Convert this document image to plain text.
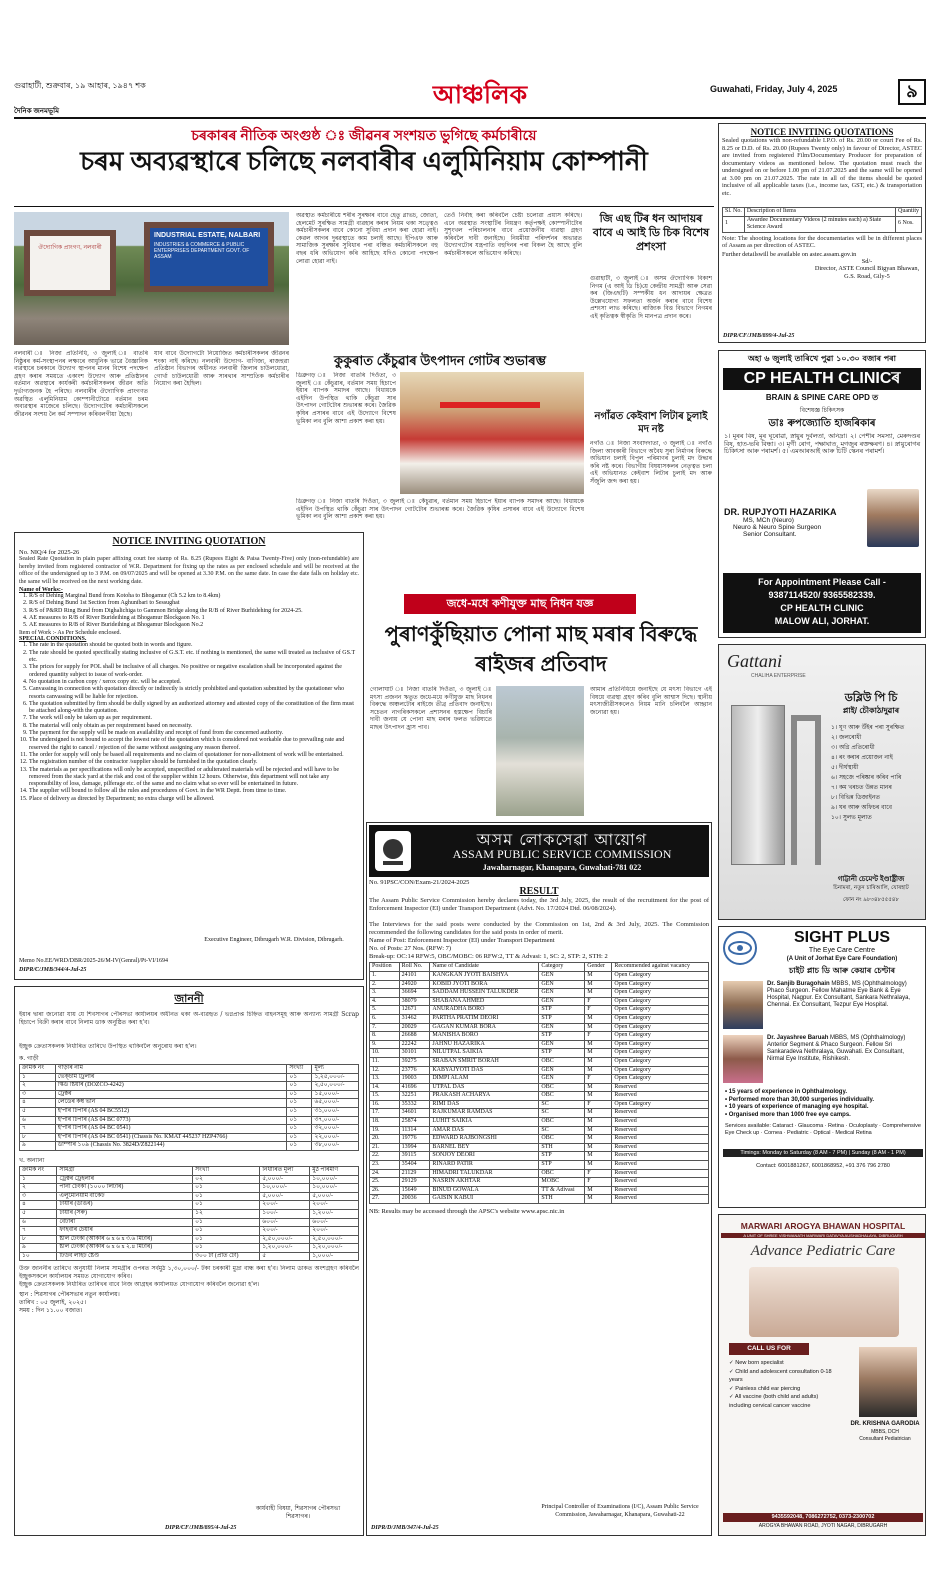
গুৱাহাটী, শুক্ৰবাৰ, ১৯ আহাৰ, ১৯৪৭ শক	আঞ্চলিক	Guwahati, Friday, July 4, 2025	৯
দৈনিক জনমভূমি
চৰকাৰৰ নীতিক অংগুষ্ঠ ঃ জীৱনৰ সংশয়ত ভুগিছে কৰ্মচাৰীয়ে
চৰম অব্যৱস্থাৰে চলিছে নলবাৰীৰ এলুমিনিয়াম কোম্পানী
ঔদ্যোগিক প্ৰাংগণ, নলবাৰী
INDUSTRIAL ESTATE, NALBARI
INDUSTRIES & COMMERCE & PUBLIC ENTERPRISES DEPARTMENT GOVT. OF ASSAM
নলবাৰী ঃ নিজা প্ৰতিনিধি, ৩ জুলাই ঃ বাতৰি নিষ্ঠুৰৰ কৰ্ম-সংস্থাপনৰ লক্ষ্যৰে আধুনিক ভাৱে বৈজ্ঞানিক ব্যৱস্থাৰে চৰকাৰে উদ্যোগ স্থাপনৰ মানৰ বিশেষ পদক্ষেপ গ্ৰহণ কৰাৰ সময়তে একাংশ উদ্যোগ আৰু প্ৰতিষ্ঠানৰ বৰ্তমান অৱস্থাৰে কাৰ্যকৰী কৰ্মচাৰীসকলৰ জীৱন অতি দুৰ্ভাগ্যজনক হৈ পৰিছে। নলবাৰীৰ ঔদ্যোগিক প্ৰাংগণত অৱস্থিত এলুমিনিয়াম কোম্পানীটোৱে বৰ্তমান চৰম অব্যৱস্থাৰ মাজেৰে চলিছে। উদ্যোগটোৰ কৰ্মচাৰীসকলে জীৱনৰ সংশয় লৈ কৰ্ম সম্পাদন কৰিবলগীয়া হৈছে।
যাব বাবে উদ্যোগটো নিয়োজিত কৰ্মচাৰীসকলৰ জীৱনৰ শংকা নাই কৰিছে। নলবাৰী উদ্যোগ- বাণিজ্য, ৰাজহুৱা প্ৰতিষ্ঠান বিভাগৰ অধীনত নলবাৰী জিলাৰ চাউলধোৱা, গোৰ্খা চাউলধোৱী আৰু সাৰথাৰ সাম্প্ৰতিক কৰ্মচাৰীৰ নিয়োগ কৰা হৈছিল।
অৱস্থাত কৰ্মচাৰীয়ে শৰীৰ সুৰক্ষাৰ বাবে হেতু গ্লাভচ, জোতা, হেলমেট সুৰক্ষিত সামগ্ৰী ব্যৱহাৰ কৰাৰ নিয়ম থকা সত্ত্বেও কৰ্মচাৰীসকলৰ বাবে কোনো সুবিধা প্ৰদান কৰা হোৱা নাই। কেৱল আগৰ দুৰৱস্থাতে কাম চলাই আছে। ইপিএফ আৰু সামাজিক সুৰক্ষাৰ সুবিধাৰ পৰা বঞ্চিত কৰ্মচাৰীসকলে বহু বছৰ ধৰি অভিযোগ কৰি আহিছে যদিও কোনো পদক্ষেপ লোৱা হোৱা নাই।
তেওঁ নিৰ্বাহ কৰা কৰিবলৈ চেষ্টা চলোৱা প্ৰয়াস কৰিছে। এনে অৱস্থাত সংস্থাটিৰ নিয়ন্ত্ৰণ কৰ্তৃপক্ষই কোম্পানীটোৰ সুশৃংখল পৰিচালনাৰ বাবে প্ৰয়োজনীয় ব্যৱস্থা গ্ৰহণ কৰিবলৈ দাবী জনাইছে। নিয়মীয়া পৰিদৰ্শনৰ অভাৱত উদ্যোগটোৰ যন্ত্ৰপাতি বহুদিনৰ পৰা বিকল হৈ আছে বুলি কৰ্মচাৰীসকলে অভিযোগ কৰিছে।
জি এছ টিৰ ধন আদায়ৰ বাবে এ আই ডি চিক বিশেষ প্ৰশংসা
গুৱাহাটী, ৩ জুলাই ঃ অসম ঔদ্যোগিক বিকাশ নিগম (এ আই ডি চি)য়ে কেন্দ্ৰীয় সামগ্ৰী আৰু সেৱা কৰ (জিএছটি) সম্পৰ্কীয় ধন আদায়ৰ ক্ষেত্ৰত উল্লেখযোগ্য সফলতা অৰ্জন কৰাৰ বাবে বিশেষ প্ৰশংসা লাভ কৰিছে। ৰাজ্যিক বিত্ত বিভাগে নিগমৰ এই কৃতিত্বক স্বীকৃতি দি মানপত্ৰ প্ৰদান কৰে।
কুকুৰাত কেঁচুৱাৰ উৎপাদন গোটৰ শুভাৰম্ভ
ডিব্ৰুগড় ঃ নিজা বাতৰি দিওঁতা, ৩ জুলাই ঃ কেঁচুৱাৰ, বৰ্তমান সময় হিচাপে ইয়াৰ ব্যাপক সমাদৰ আছে। বিধায়কে এইদিন উপস্থিত থাকি কেঁচুৱা সাৰ উৎপাদন গোটটোৰ শুভাৰম্ভ কৰে। জৈৱিক কৃষিৰ প্ৰসাৰৰ বাবে এই উদ্যোগে বিশেষ ভূমিকা লব বুলি আশা প্ৰকাশ কৰা হয়।
ডিব্ৰুগড় ঃ নিজা বাতৰি দিওঁতা, ৩ জুলাই ঃ কেঁচুৱাৰ, বৰ্তমান সময় হিচাপে ইয়াৰ ব্যাপক সমাদৰ আছে। বিধায়কে এইদিন উপস্থিত থাকি কেঁচুৱা সাৰ উৎপাদন গোটটোৰ শুভাৰম্ভ কৰে। জৈৱিক কৃষিৰ প্ৰসাৰৰ বাবে এই উদ্যোগে বিশেষ ভূমিকা লব বুলি আশা প্ৰকাশ কৰা হয়।
নগাঁৱত কেইবাশ লিটাৰ চুলাই মদ নষ্ট
নগাঁও ঃ নিজা সংবাদদাতা, ৩ জুলাই ঃ নগাঁও জিলা আবকাৰী বিভাগে অবৈধ সুৰা নিৰ্মাণৰ বিৰুদ্ধে অভিযান চলাই বিপুল পৰিমাণৰ চুলাই মদ উদ্ধাৰ কৰি নষ্ট কৰে। বিভাগীয় বিষয়াসকলৰ নেতৃত্বত চলা এই অভিযানত কেইবাশ লিটাৰ চুলাই মদ আৰু সঁজুলি জব্দ কৰা হয়।
NOTICE INVITING QUOTATION
No. NIQ/4 for 2025-26
Sealed Rate Quotation in plain paper affixing court fee stamp of Rs. 8.25 (Rupees Eight & Paisa Twenty-Five) only (non-refundable) are hereby invited from registered contractor of W.R. Department for fixing up the rates as per enclosed schedule and will be received at the office of the undersigned up to 3 P.M. on 09/07/2025 and will be opened at 3.30 P.M. on the same date. In case the date falls on holiday etc. the same will be received on the next working date.
Name of Works:-
1. R/S of Dehing Marginal Bund from Kotoha to Bhogamur (Ch 5.2 km to 8.4km)
2. R/S of Dehing Bund 1st Section from Aghunibari to Sessughat
3. R/S of P&RD Ring Bund from Dighalichiga to Gammon Bridge along the R/B of River Burhidehing for 2024-25.
4. AE measures to R/B of River Burideihing at Bhogamur Blockgaon No. 1
5. AE measures to R/B of River Burideihing at Bhogamur Blockgaon No.2
Item of Work :- As Per Schedule enclosed.
SPECIAL CONDITIONS.
1. The rate in the quotation should be quoted both in words and figure.
2. The rate should be quoted specifically stating inclusive of G.S.T. etc. if nothing is mentioned, the same will treated as inclusive of GS.T etc.
3. The prices for supply for POL shall be inclusive of all charges. No positive or negative escalation shall be incorporated against the ordered quantity subject to issue of work-order.
4. No quotation in carbon copy / xerox copy etc. will be accepted.
5. Canvassing in connection with quotation directly or indirectly is strictly prohibited and quotation submitted by the quotationer who resorts canvassing will be liable for rejection.
6. The quotation submitted by firm should be dully signed by an authorized attorney and attested copy of the constitution of the firm must be attached along-with the quotation.
7. The work will only be taken up as per requirement.
8. The material will only obtain as per requirement based on necessity.
9. The payment for the supply will be made on availability and receipt of fund from the concerned authority.
10. The undersigned is not bound to accept the lowest rate of the quotation which is considered not workable due to prevailing rate and reserved the right to cancel / rejection of the same without assigning any reason thereof.
11. The order for supply will only be based all requirements and no claim of quotationer for non-allotment of work will be entertained.
12. The registration number of the contractor /supplier should be furnished in the quotation clearly.
13. The materials as per specifications will only be accepted, unspecified or adulterated materials will be rejected and will have to be removed from the stack yard at the risk and cost of the supplier within 12 hours. Otherwise, this department will not take any responsibility of loss, damage, pilferage etc. of the same and no claim what so ever will be entertained in future.
14. The supplier will bound to follow all the rules and procedures of Govt. in the WR Deptt. from time to time.
15. Place of delivery as directed by Department; no extra charge will be allowed.
Executive Engineer, Dibrugarh W.R. Division, Dibrugarh.
Memo No.EE/WRD/DBR/2025-26/M-IV(Genral)/Pt-VI/1694
DIPR/C/JMB/344/4-Jul-25
জাননী
ইয়াৰ দ্বাৰা জনোৱা যায় যে শিবসাগৰ পৌৰসভা কাৰ্যালয়ৰ অধীনত থকা অ-ব্যৱহৃত / ভগ্নপ্ৰাপ্ত চিহ্নিত বাহনসমূহ আৰু অন্যান্য সামগ্ৰী Scrap হিচাপে বিক্ৰী কৰাৰ বাবে নিলাম ডাক অনুষ্ঠিত কৰা হ'ব।
ইচ্ছুক ক্ৰেতাসকলক নিৰ্ধাৰিত তাৰিখে উপস্থিত থাকিবলৈ অনুৰোধ কৰা হ'ল।
ক. গাড়ী
ক্ৰমিক নং	গাড়ীৰ নাম	সংখ্যা	মূল্য
১	ভেক্‌চাম ট্ৰিলাৰ	০১	১,২৫,০০০/-
২	স্কিড ষ্টিয়াৰ (DOZCO-4242)	০১	২,৫০,০০০/-
৩	ট্ৰেক্টৰ	০১	১৫,০০০/-
৪	লেডেৰ কম্ব ভান	০১	৬৫,০০০/-
৫	হ'পাৰ টিপাৰ (AS 04 BC5512)	০১	৩১,০০০/-
৬	হ'পাৰ টিপাৰ (AS 04 BC 0773)	০১	৩৭,০০০/-
৭	হ'পাৰ টিপাৰ (AS 04 BC 0541)	০১	৩২,০০০/-
৮	হ'পাৰ টিপাৰ (AS 04 BC 0541) (Chassis No. KMAT 445237 HZP4766)	০১	২২,০০০/-
৯	ডাম্পাৰ ১০৯ (Chassis No. 3824D/Z822144)	০১	৩৮,০০০/-
খ. অন্যান্য
ক্ৰমিক নং	সামগ্ৰী	সংখ্যা	নিৰ্ধাৰিত মূল্য	মুঠ পৰিমাণ
১	ট্ৰেক্টৰ ট্ৰেইলাৰ	০২	৫,০০০/-	১০,০০০/-
২	পানী টেংকী (১০০০ লিটাৰ)	০১	১০,০০০/-	১০,০০০/-
৩	এলুমেনিয়াম বাকেট	০১	৫,০০০/-	৫,০০০/-
৪	টায়াৰ (ডাঙৰ)	০১	২০০/-	২০০/-
৫	টায়াৰ (সৰু)	১২	১০০/-	১,২০০/-
৬	বেটাৰী	০১	৬০০/-	৬০০/-
৭	ফাইবাৰ চেয়াৰ	০১	২০০/-	২০০/-
৮	ষ্টীল টেংকী (আকাৰ ৬ x ৬ x ৩.৬ মিটাৰ)	০১	২,৫০,০০০/-	২,৫০,০০০/-
৯	ষ্টীল টেংকী (আকাৰ ৬ x ৬ x ২.৪ মিটাৰ)	০১	১,২০,০০০/-	১,২০,০০০/-
১০	টিউব লাইট ষ্টেণ্ড	৩০০ টা (প্ৰতি টো)	৫	১,০০০/-
উক্ত জাননীৰ তাৰিখে অনুযায়ী নিলাম সামগ্ৰীৰ ওপৰত সৰ্বমুঠ ১,৩০,০০০/- টকা চৰকাৰী মুদ্ৰা বান্ধ কৰা হ'ব। নিলাম ডাকত অংশগ্ৰহণ কৰিবলৈ ইচ্ছুকসকলে কাৰ্যালয়ৰ সময়ত যোগাযোগ কৰিব।
ইচ্ছুক ক্ৰেতাসকলক নিৰ্ধাৰিত তাৰিখৰ বাবে নিজ আগ্ৰহৰ কাৰ্যালয়ত যোগাযোগ কৰিবলৈ জনোৱা হ'ল।
স্থান : শিৱসাগৰ পৌৰসভাৰ নতুন কাৰ্যালয়।
তাৰিখ : ০৫ জুলাই, ২০২৫।
সময় : দিন ১১.০০ বজাত।
কাৰ্যবাহী বিষয়া, শিৱসাগৰ পৌৰসভা শিৱসাগৰ।
DIPR/CF/JMB/895/4-Jul-25
জধে-মধে কণীযুক্ত মাছ নিধন যজ্ঞ
পুৰাণকুঁছিয়াত পোনা মাছ মৰাৰ বিৰুদ্ধে ৰাইজৰ প্ৰতিবাদ
গোলাঘাট ঃ নিজা বাতৰি দিওঁতা, ৩ জুলাই ঃ মৎস্য প্ৰজনন ঋতুত জধে-মধে কণীযুক্ত মাছ নিধনৰ বিৰুদ্ধে অঞ্চলটোৰ ৰাইজে তীব্ৰ প্ৰতিবাদ জনাইছে। সচেতন নাগৰিকসকলে প্ৰশাসনৰ হস্তক্ষেপ বিচাৰি দাবী জনায় যে পোনা মাছ মৰাৰ ফলত ভৱিষ্যতে মাছৰ উৎপাদন হ্ৰাস পাব।
আমাৰ প্ৰতিনিধিয়ে জনাইছে যে মৎস্য বিভাগে এই বিষয়ে ব্যৱস্থা গ্ৰহণ কৰিব বুলি আশ্বাস দিছে। স্থানীয় মৎস্যজীৱীসকলেও নিয়ম মানি চলিবলৈ আহ্বান জনোৱা হয়।
অসম লোকসেৱা আয়োগ
ASSAM PUBLIC SERVICE COMMISSION
Jawaharnagar, Khanapara, Guwahati-781 022
No. 91PSC/CON/Exam-21/2024-2025
RESULT
The Assam Public Service Commission hereby declares today, the 3rd July, 2025, the result of the recruitment for the post of Enforcement Inspector (EI) under Transport Department (Advt. No. 17/2024 Dtd. 06/08/2024).
The Interviews for the said posts were conducted by the Commission on 1st, 2nd & 3rd July, 2025. The Commission recommended the following candidates for the said posts in order of merit.
Name of Post: Enforcement Inspector (EI) under Transport Department
No. of Posts: 27 Nos. (RFW: 7)
Break-up: OC:14 RFW:5, OBC/MOBC: 06 RFW:2, TT & Advasi: 1, SC: 2, STP: 2, STH: 2
Position	Roll No.	Name of Candidate	Category	Gender	Recommended against vacancy
1.	24101	KANGKAN JYOTI BAISHYA	GEN	M	Open Category
2.	24920	KOBID JYOTI BORA	GEN	M	Open Category
3.	36694	SADDAM HUSSEIN TALUKDER	GEN	M	Open Category
4.	38079	SHABANA AHMED	GEN	F	Open Category
5.	12671	ANURADHA BORO	STP	F	Open Category
6.	31462	PARTHA PRATIM DEORI	STP	M	Open Category
7.	20029	GAGAN KUMAR BORA	GEN	M	Open Category
8.	26688	MANISHA BORO	STP	F	Open Category
9.	22242	JAHNU HAZARIKA	GEN	M	Open Category
10.	30101	NILUTPAL SAIKIA	STP	M	Open Category
11.	39275	SRABAN SMRIT BORAH	OBC	M	Open Category
12.	23776	KABYAJYOTI DAS	GEN	M	Open Category
13.	19003	DIMPI ALAM	GEN	F	Open Category
14.	41696	UTPAL DAS	OBC	M	Reserved
15.	32251	PRAKASH ACHARYA	OBC	M	Reserved
16.	35332	RIMI DAS	SC	F	Open Category
17.	34601	RAJKUMAR RAMDAS	SC	M	Reserved
18.	25874	LUHIT SAIKIA	OBC	M	Reserved
19.	11314	AMAR DAS	SC	M	Reserved
20.	19776	EDWARD RAJBONGSHI	OBC	M	Reserved
21.	13994	BARNEL BEY	STH	M	Reserved
22.	39115	SONJOY DEORI	STP	M	Reserved
23.	35404	RINARD PATIR	STP	M	Reserved
24.	21129	HIMADRI TALUKDAR	OBC	F	Reserved
25.	29129	NASRIN AKHTAR	MOBC	F	Reserved
26.	15649	BINUD GOWALA	TT & Adivasi	M	Reserved
27.	20036	GAISIN KABUI	STH	M	Reserved
NB: Results may be accessed through the APSC's website www.apsc.nic.in
Principal Controller of Examinations (I/C), Assam Public Service Commission, Jawaharnagar, Khanapara, Guwahati-22
DIPR/D/JMB/347/4-Jul-25
NOTICE INVITING QUOTATIONS
Sealed quotations with non-refundable I.P.O. of Rs. 20.00 or court Fee of Rs. 8.25 or D.D. of Rs. 20.00 (Rupees Twenty only) in favour of Director, ASTEC are invited from registered Film/Documentary Producer for preparation of documentary videos as mentioned below. The quotation must reach the undersigned on or before 1.00 pm of 21.07.2025 and the same will be opened at 3.00 pm on 21.07.2025. The rate in all of the items should be quoted inclusive of all applicable taxes (i.e., income tax, GST, etc.) & transportation etc.
Sl. No.	Description of Items	Quantity
1	Awardee Documentary Videos (2 minutes each) a) State Science Award	6 Nos.
Note: The shooting locations for the documentaries will be in different places of Assam as per direction of ASTEC.
Further detailswill be available on astec.assam.gov.in
Sd/-
Director, ASTE Council Bigyan Bhawan, G.S. Road, Gily-5
DIPR/CF/JMB/899/4-Jul-25
অহা ৬ জুলাই তাৰিখে পুৱা ১০.৩০ বজাৰ পৰা
CP HEALTH CLINICৰ
BRAIN & SPINE CARE OPD ত
বিশেষজ্ঞ চিকিৎসক
ডাঃ ৰুপজ্যোতি হাজৰিকাৰ
১। মূৰৰ বিষ, মূৰ ঘূৰোৱা, স্নায়ুৰ দুৰ্বলতা, অনিদ্ৰা। ২। পেশীৰ সমস্যা, মেৰুদণ্ডৰ বিষ, হাত-ভৰি বিন্ধা। ৩। মৃগী ৰোগ, পক্ষাঘাত, মগজুৰ ৰক্তক্ষৰণ। ৪। স্নায়ুৰোগৰ চিকিৎসা আৰু পৰামৰ্শ। ৫। এমআৰআই আৰু চিটি স্কেনৰ পৰামৰ্শ।
DR. RUPJYOTI HAZARIKA
MS, MCh (Neuro)
Neuro & Neuro Spine Surgeon
Senior Consultant.
For Appointment Please Call -
9387114520/ 9365582339.
CP HEALTH CLINIC
MALOW ALI, JORHAT.
Gattani
CHALIHA ENTERPRISE
ডব্লিউ পি চি
প্লাই/ চৌকাঠ/দুৱাৰ
১। ঘূণ আৰু উঁইৰ পৰা সুৰক্ষিত
২। জলৰোধী
৩। অগ্নি প্ৰতিৰোধী
৪। ৰং কৰাৰ প্ৰয়োজন নাই
৫। দীৰ্ঘস্থায়ী
৬। সহজে পৰিষ্কাৰ কৰিব পাৰি
৭। কম খৰচত উন্নত মানৰ
৮। বিভিন্ন ডিজাইনত
৯। ঘৰ আৰু অফিচৰ বাবে
১০। সুলভ মূল্যত
গাট্টানী চেমেণ্ট ইণ্ডাষ্ট্ৰীজ
চিনামৰা, নতুন চাৰিআলি, যোৰহাট
ফোন নং ৯৮৩৪৮৫৫৫৪৮
SIGHT PLUS
The Eye Care Centre
(A Unit of Jorhat Eye Care Foundation)
চাইট প্লাচ ডি আৰু কেয়াৰ চেণ্টাৰ
Dr. Sanjib Buragohain MBBS, MS (Ophthalmology)
Phaco Surgeon. Fellow Mahatme Eye Bank & Eye Hospital, Nagpur. Ex Consultant, Sankara Nethralaya, Chennai. Ex Consultant, Tezpur Eye Hospital.
Dr. Jayashree Baruah MBBS, MS (Ophthalmology)
Anterior Segment & Phaco Surgeon. Fellow Sri Sankaradeva Nethralaya, Guwahati. Ex Consultant, Nirmal Eye Institute, Rishikesh.
• 15 years of experience in Ophthalmology.
• Performed more than 30,000 surgeries individually.
• 10 years of experience of managing eye hospital.
• Organised more than 1000 free eye camps.
Services available: Cataract · Glaucoma · Retina · Oculoplasty · Comprehensive Eye Check up · Cornea · Pediatric · Optical · Medical Retina
Timings: Monday to Saturday (8 AM - 7 PM) | Sunday (8 AM - 1 PM)
Contact: 6001881267, 6001868952, +91 376 796 2780
MARWARI AROGYA BHAWAN HOSPITAL
A UNIT OF SHREE VISHWANATH MARWARI DATAVYA AUSHADHALAYA, DIBRUGARH
Advance Pediatric Care
CALL US FOR
✓ New born specialist
✓ Child and adolescent consultation 0-18 years
✓ Painless child ear piercing
✓ All vaccine (both child and adults) including cervical cancer vaccine
DR. KRISHNA GARODIA
MBBS, DCH
Consultant Pediatrician
9435592048, 7086272752, 0373-2300702
AROGYA BHAWAN ROAD, JYOTI NAGAR, DIBRUGARH
